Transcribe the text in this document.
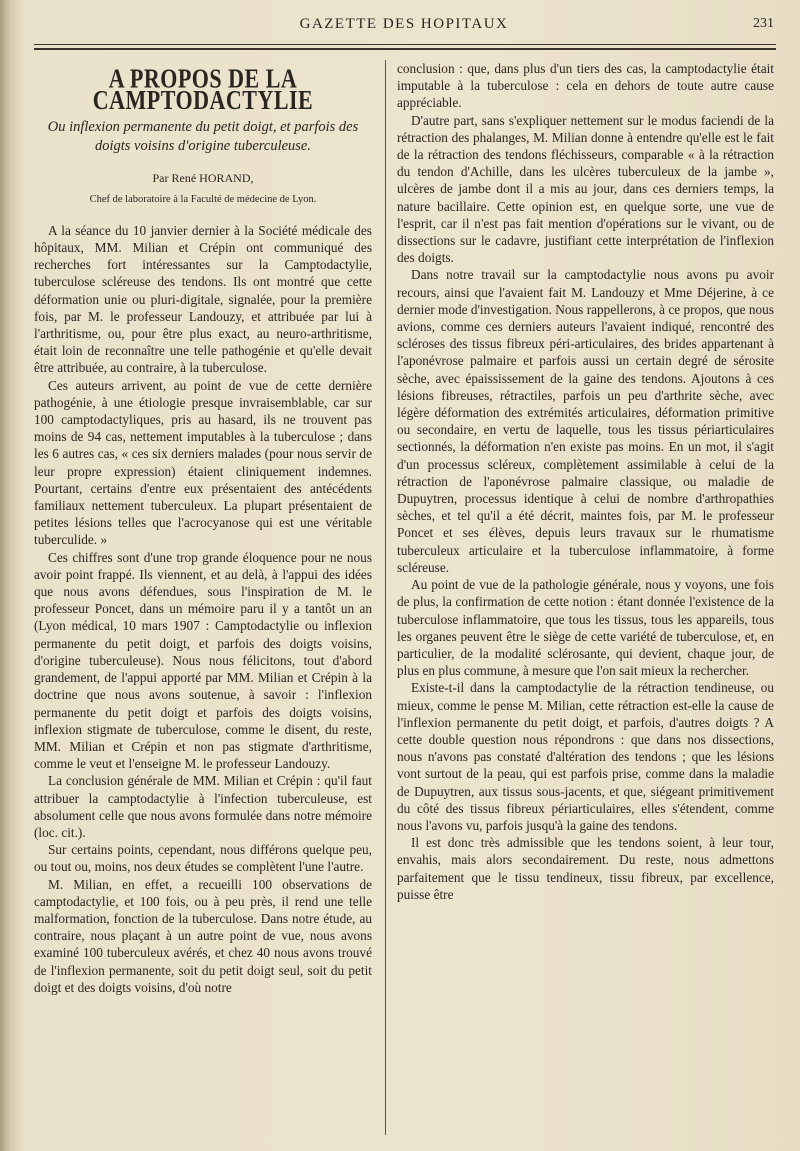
GAZETTE DES HOPITAUX	231
A PROPOS DE LA CAMPTODACTYLIE
Ou inflexion permanente du petit doigt, et parfois des doigts voisins d'origine tuberculeuse.
Par René HORAND,
Chef de laboratoire à la Faculté de médecine de Lyon.

A la séance du 10 janvier dernier à la Société médicale des hôpitaux, MM. Milian et Crépin ont communiqué des recherches fort intéressantes sur la Camptodactylie, tuberculose scléreuse des tendons. Ils ont montré que cette déformation unie ou pluri-digitale, signalée, pour la première fois, par M. le professeur Landouzy, et attribuée par lui à l'arthritisme, ou, pour être plus exact, au neuro-arthritisme, était loin de reconnaître une telle pathogénie et qu'elle devait être attribuée, au contraire, à la tuberculose.

Ces auteurs arrivent, au point de vue de cette dernière pathogénie, à une étiologie presque invraisemblable, car sur 100 camptodactyliques, pris au hasard, ils ne trouvent pas moins de 94 cas, nettement imputables à la tuberculose ; dans les 6 autres cas, « ces six derniers malades (pour nous servir de leur propre expression) étaient cliniquement indemnes. Pourtant, certains d'entre eux présentaient des antécédents familiaux nettement tuberculeux. La plupart présentaient de petites lésions telles que l'acrocyanose qui est une véritable tuberculide. »

Ces chiffres sont d'une trop grande éloquence pour ne nous avoir point frappé. Ils viennent, et au delà, à l'appui des idées que nous avons défendues, sous l'inspiration de M. le professeur Poncet, dans un mémoire paru il y a tantôt un an (Lyon médical, 10 mars 1907 : Camptodactylie ou inflexion permanente du petit doigt, et parfois des doigts voisins, d'origine tuberculeuse). Nous nous félicitons, tout d'abord grandement, de l'appui apporté par MM. Milian et Crépin à la doctrine que nous avons soutenue, à savoir : l'inflexion permanente du petit doigt et parfois des doigts voisins, inflexion stigmate de tuberculose, comme le disent, du reste, MM. Milian et Crépin et non pas stigmate d'arthritisme, comme le veut et l'enseigne M. le professeur Landouzy.

La conclusion générale de MM. Milian et Crépin : qu'il faut attribuer la camptodactylie à l'infection tuberculeuse, est absolument celle que nous avons formulée dans notre mémoire (loc. cit.).

Sur certains points, cependant, nous différons quelque peu, ou tout ou, moins, nos deux études se complètent l'une l'autre.

M. Milian, en effet, a recueilli 100 observations de camptodactylie, et 100 fois, ou à peu près, il rend une telle malformation, fonction de la tuberculose. Dans notre étude, au contraire, nous plaçant à un autre point de vue, nous avons examiné 100 tuberculeux avérés, et chez 40 nous avons trouvé de l'inflexion permanente, soit du petit doigt seul, soit du petit doigt et des doigts voisins, d'où notre

conclusion : que, dans plus d'un tiers des cas, la camptodactylie était imputable à la tuberculose : cela en dehors de toute autre cause appréciable.

D'autre part, sans s'expliquer nettement sur le modus faciendi de la rétraction des phalanges, M. Milian donne à entendre qu'elle est le fait de la rétraction des tendons fléchisseurs, comparable « à la rétraction du tendon d'Achille, dans les ulcères tuberculeux de la jambe », ulcères de jambe dont il a mis au jour, dans ces derniers temps, la nature bacillaire. Cette opinion est, en quelque sorte, une vue de l'esprit, car il n'est pas fait mention d'opérations sur le vivant, ou de dissections sur le cadavre, justifiant cette interprétation de l'inflexion des doigts.

Dans notre travail sur la camptodactylie nous avons pu avoir recours, ainsi que l'avaient fait M. Landouzy et Mme Déjerine, à ce dernier mode d'investigation. Nous rappellerons, à ce propos, que nous avions, comme ces derniers auteurs l'avaient indiqué, rencontré des scléroses des tissus fibreux péri-articulaires, des brides appartenant à l'aponévrose palmaire et parfois aussi un certain degré de sérosite sèche, avec épaississement de la gaine des tendons. Ajoutons à ces lésions fibreuses, rétractiles, parfois un peu d'arthrite sèche, avec légère déformation des extrémités articulaires, déformation primitive ou secondaire, en vertu de laquelle, tous les tissus périarticulaires sectionnés, la déformation n'en existe pas moins. En un mot, il s'agit d'un processus scléreux, complètement assimilable à celui de la rétraction de l'aponévrose palmaire classique, ou maladie de Dupuytren, processus identique à celui de nombre d'arthropathies sèches, et tel qu'il a été décrit, maintes fois, par M. le professeur Poncet et ses élèves, depuis leurs travaux sur le rhumatisme tuberculeux articulaire et la tuberculose inflammatoire, à forme scléreuse.

Au point de vue de la pathologie générale, nous y voyons, une fois de plus, la confirmation de cette notion : étant donnée l'existence de la tuberculose inflammatoire, que tous les tissus, tous les appareils, tous les organes peuvent être le siège de cette variété de tuberculose, et, en particulier, de la modalité sclérosante, qui devient, chaque jour, de plus en plus commune, à mesure que l'on sait mieux la rechercher.

Existe-t-il dans la camptodactylie de la rétraction tendineuse, ou mieux, comme le pense M. Milian, cette rétraction est-elle la cause de l'inflexion permanente du petit doigt, et parfois, d'autres doigts ? A cette double question nous répondrons : que dans nos dissections, nous n'avons pas constaté d'altération des tendons ; que les lésions vont surtout de la peau, qui est parfois prise, comme dans la maladie de Dupuytren, aux tissus sous-jacents, et que, siégeant primitivement du côté des tissus fibreux périarticulaires, elles s'étendent, comme nous l'avons vu, parfois jusqu'à la gaine des tendons.

Il est donc très admissible que les tendons soient, à leur tour, envahis, mais alors secondairement. Du reste, nous admettons parfaitement que le tissu tendineux, tissu fibreux, par excellence, puisse être
